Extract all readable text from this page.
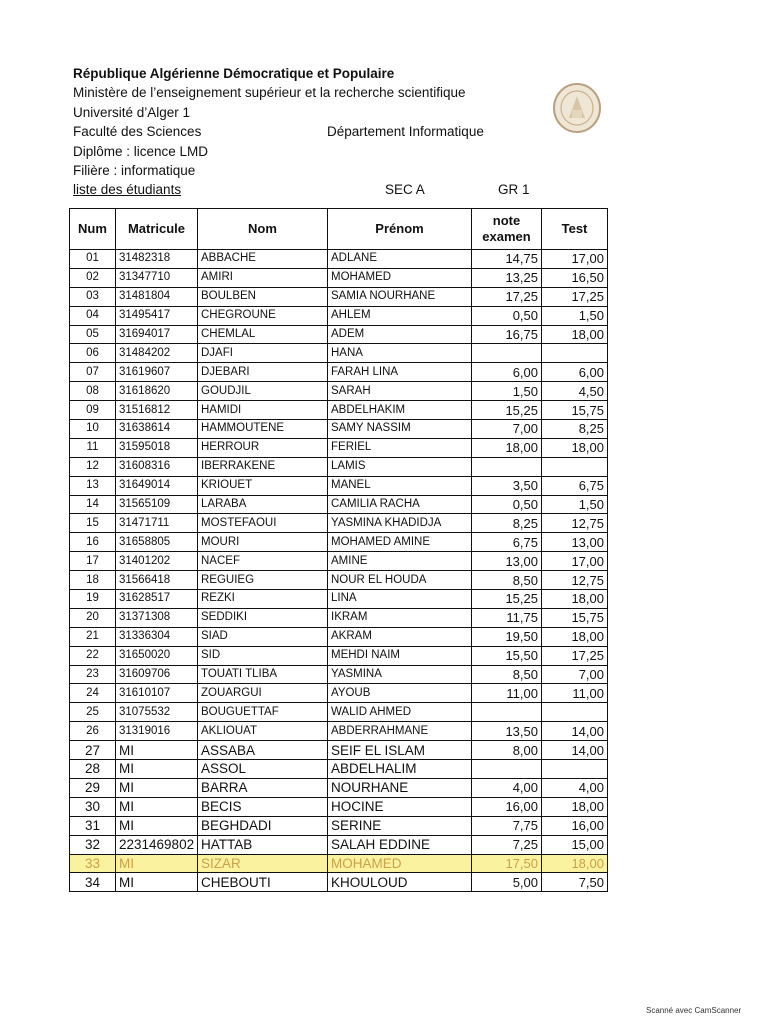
République Algérienne Démocratique et Populaire
Ministère de l’enseignement supérieur et la recherche scientifique
Université d’Alger 1
Faculté des Sciences	Département Informatique
Diplôme : licence LMD
Filière : informatique
liste des étudiants	SEC A	GR 1
Num	Matricule	Nom	Prénom	note examen	Test
01	31482318	ABBACHE	ADLANE	14,75	17,00
02	31347710	AMIRI	MOHAMED	13,25	16,50
03	31481804	BOULBEN	SAMIA NOURHANE	17,25	17,25
04	31495417	CHEGROUNE	AHLEM	0,50	1,50
05	31694017	CHEMLAL	ADEM	16,75	18,00
06	31484202	DJAFI	HANA		
07	31619607	DJEBARI	FARAH LINA	6,00	6,00
08	31618620	GOUDJIL	SARAH	1,50	4,50
09	31516812	HAMIDI	ABDELHAKIM	15,25	15,75
10	31638614	HAMMOUTENE	SAMY NASSIM	7,00	8,25
11	31595018	HERROUR	FERIEL	18,00	18,00
12	31608316	IBERRAKENE	LAMIS		
13	31649014	KRIOUET	MANEL	3,50	6,75
14	31565109	LARABA	CAMILIA RACHA	0,50	1,50
15	31471711	MOSTEFAOUI	YASMINA KHADIDJA	8,25	12,75
16	31658805	MOURI	MOHAMED AMINE	6,75	13,00
17	31401202	NACEF	AMINE	13,00	17,00
18	31566418	REGUIEG	NOUR EL HOUDA	8,50	12,75
19	31628517	REZKI	LINA	15,25	18,00
20	31371308	SEDDIKI	IKRAM	11,75	15,75
21	31336304	SIAD	AKRAM	19,50	18,00
22	31650020	SID	MEHDI NAIM	15,50	17,25
23	31609706	TOUATI TLIBA	YASMINA	8,50	7,00
24	31610107	ZOUARGUI	AYOUB	11,00	11,00
25	31075532	BOUGUETTAF	WALID AHMED		
26	31319016	AKLIOUAT	ABDERRAHMANE	13,50	14,00
27	MI	ASSABA	SEIF EL ISLAM	8,00	14,00
28	MI	ASSOL	ABDELHALIM		
29	MI	BARRA	NOURHANE	4,00	4,00
30	MI	BECIS	HOCINE	16,00	18,00
31	MI	BEGHDADI	SERINE	7,75	16,00
32	2231469802	HATTAB	SALAH EDDINE	7,25	15,00
33	MI	SIZAR	MOHAMED	17,50	18,00
34	MI	CHEBOUTI	KHOULOUD	5,00	7,50
Scanné avec CamScanner
